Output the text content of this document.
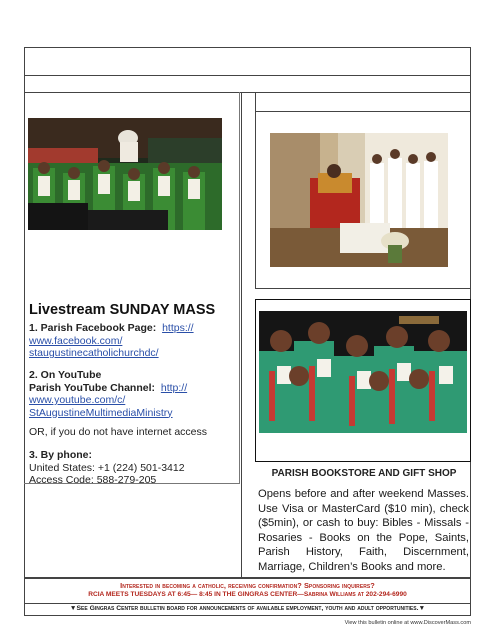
PARISH BOOKSTORE AND GIFT SHOP
Opens before and after weekend Masses. Use Visa or MasterCard ($10 min), check ($5min), or cash to buy: Bibles - Missals - Rosaries - Books on the Pope, Saints, Parish History, Faith, Discernment, Marriage, Children’s Books and more.
Livestream SUNDAY MASS
1. Parish Facebook Page: https://
www.facebook.com/
staugustinecatholichurchdc/
2. On YouTube
Parish YouTube Channel: http://
www.youtube.com/c/
StAugustineMultimediaMinistry
OR, if you do not have internet access
3. By phone:
United States: +1 (224) 501-3412
Access Code: 588-279-205
Interested in becoming a catholic, receiving confirmation? Sponsoring inquirers?
RCIA MEETS TUESDAYS AT 6:45— 8:45 IN THE GINGRAS CENTER—Sabrina Williams at 202-294-6990
▼See Gingras Center bulletin board for announcements of available employment, youth and adult opportunities.▼
View this bulletin online at www.DiscoverMass.com
